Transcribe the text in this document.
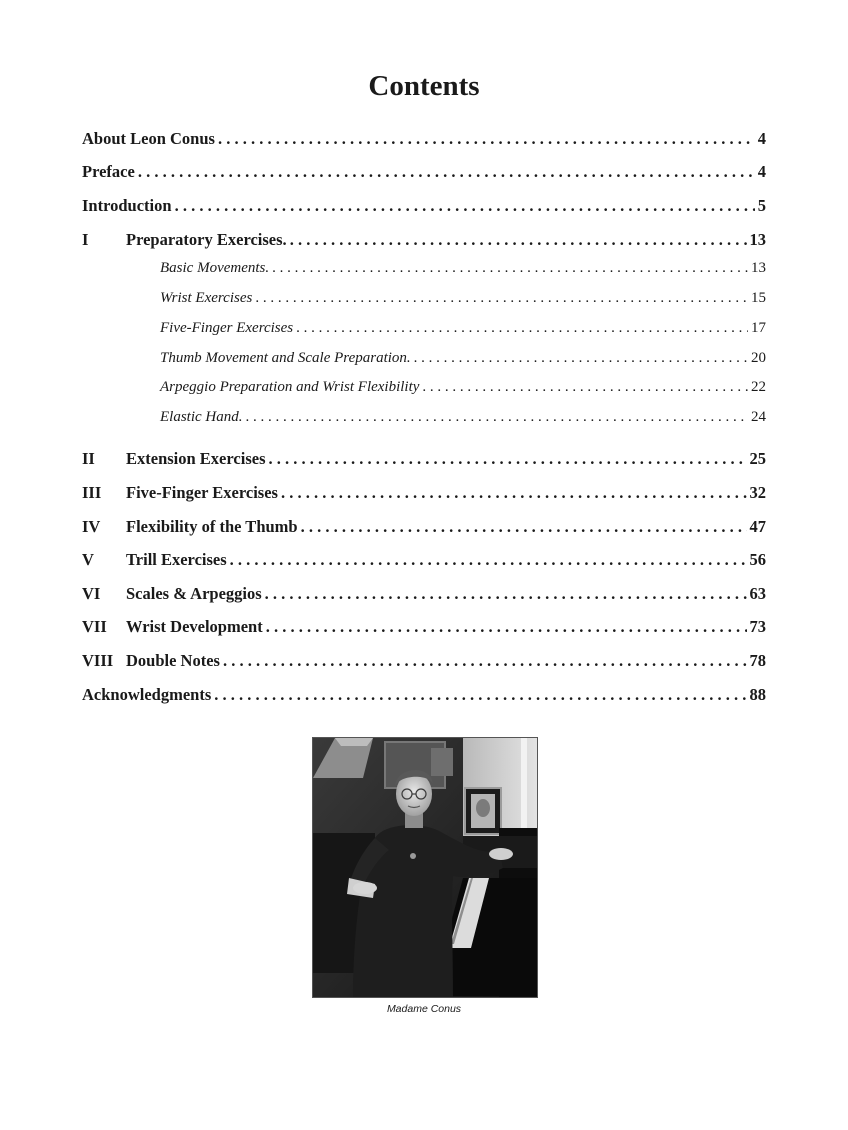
Contents
About Leon Conus . . .	4
Preface . . .	4
Introduction . . .	5
I	Preparatory Exercises. . . .	13
Basic Movements. . . .	13
Wrist Exercises . . .	15
Five-Finger Exercises . . .	17
Thumb Movement and Scale Preparation. . . .	20
Arpeggio Preparation and Wrist Flexibility . . .	22
Elastic Hand. . . .	24
II	Extension Exercises . . .	25
III	Five-Finger Exercises . . .	32
IV	Flexibility of the Thumb . . .	47
V	Trill Exercises . . .	56
VI	Scales & Arpeggios . . .	63
VII	Wrist Development . . .	73
VIII Double Notes . . .	78
Acknowledgments . . .	88
Madame Conus
